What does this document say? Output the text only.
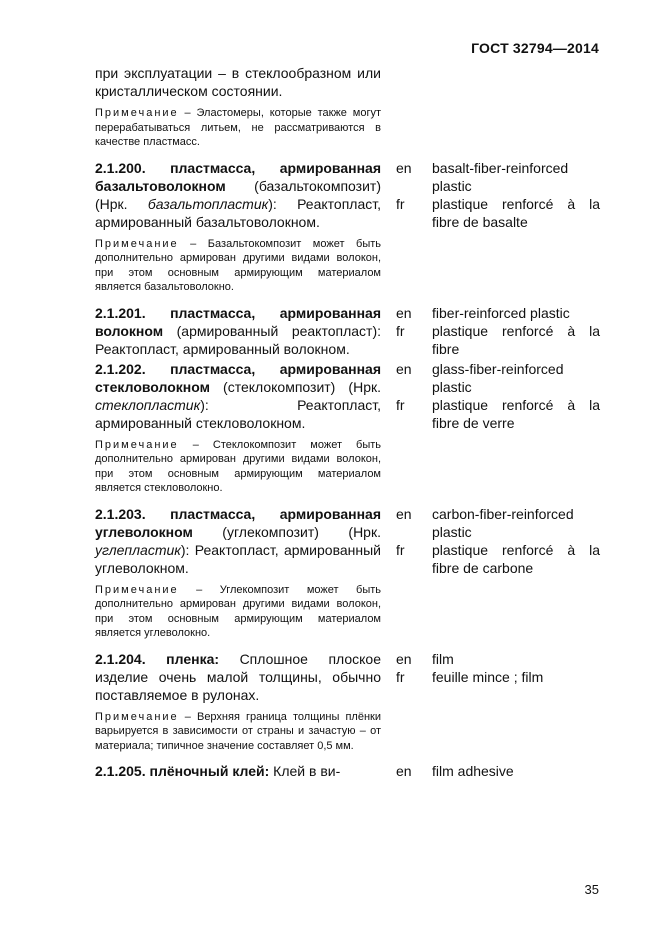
ГОСТ 32794—2014
при эксплуатации – в стеклообразном или кристаллическом состоянии.
Примечание – Эластомеры, которые также могут перерабатываться литьем, не рассматриваются в качестве пластмасс.
2.1.200. пластмасса, армированная базальтоволокном (базальтокомпозит) (Нрк. базальтопластик): Реактопласт, армированный базальтоволокном.
Примечание – Базальтокомпозит может быть дополнительно армирован другими видами волокон, при этом основным армирующим материалом является базальтоволокно.
en
fr
basalt-fiber-reinforced plastic
plastique renforcé à la fibre de basalte
2.1.201. пластмасса, армированная волокном (армированный реактопласт): Реактопласт, армированный волокном.
en
fr
fiber-reinforced plastic
plastique renforcé à la fibre
2.1.202. пластмасса, армированная стекловолокном (стеклокомпозит) (Нрк. стеклопластик): Реактопласт, армированный стекловолокном.
Примечание – Стеклокомпозит может быть дополнительно армирован другими видами волокон, при этом основным армирующим материалом является стекловолокно.
en
fr
glass-fiber-reinforced plastic
plastique renforcé à la fibre de verre
2.1.203. пластмасса, армированная углеволокном (углекомпозит) (Нрк. углепластик): Реактопласт, армированный углеволокном.
Примечание – Углекомпозит может быть дополнительно армирован другими видами волокон, при этом основным армирующим материалом является углеволокно.
en
fr
carbon-fiber-reinforced plastic
plastique renforcé à la fibre de carbone
2.1.204. пленка: Сплошное плоское изделие очень малой толщины, обычно поставляемое в рулонах.
Примечание – Верхняя граница толщины плёнки варьируется в зависимости от страны и зачастую – от материала; типичное значение составляет 0,5 мм.
en
fr
film
feuille mince ; film
2.1.205. плёночный клей: Клей в ви-	en	film adhesive
35
